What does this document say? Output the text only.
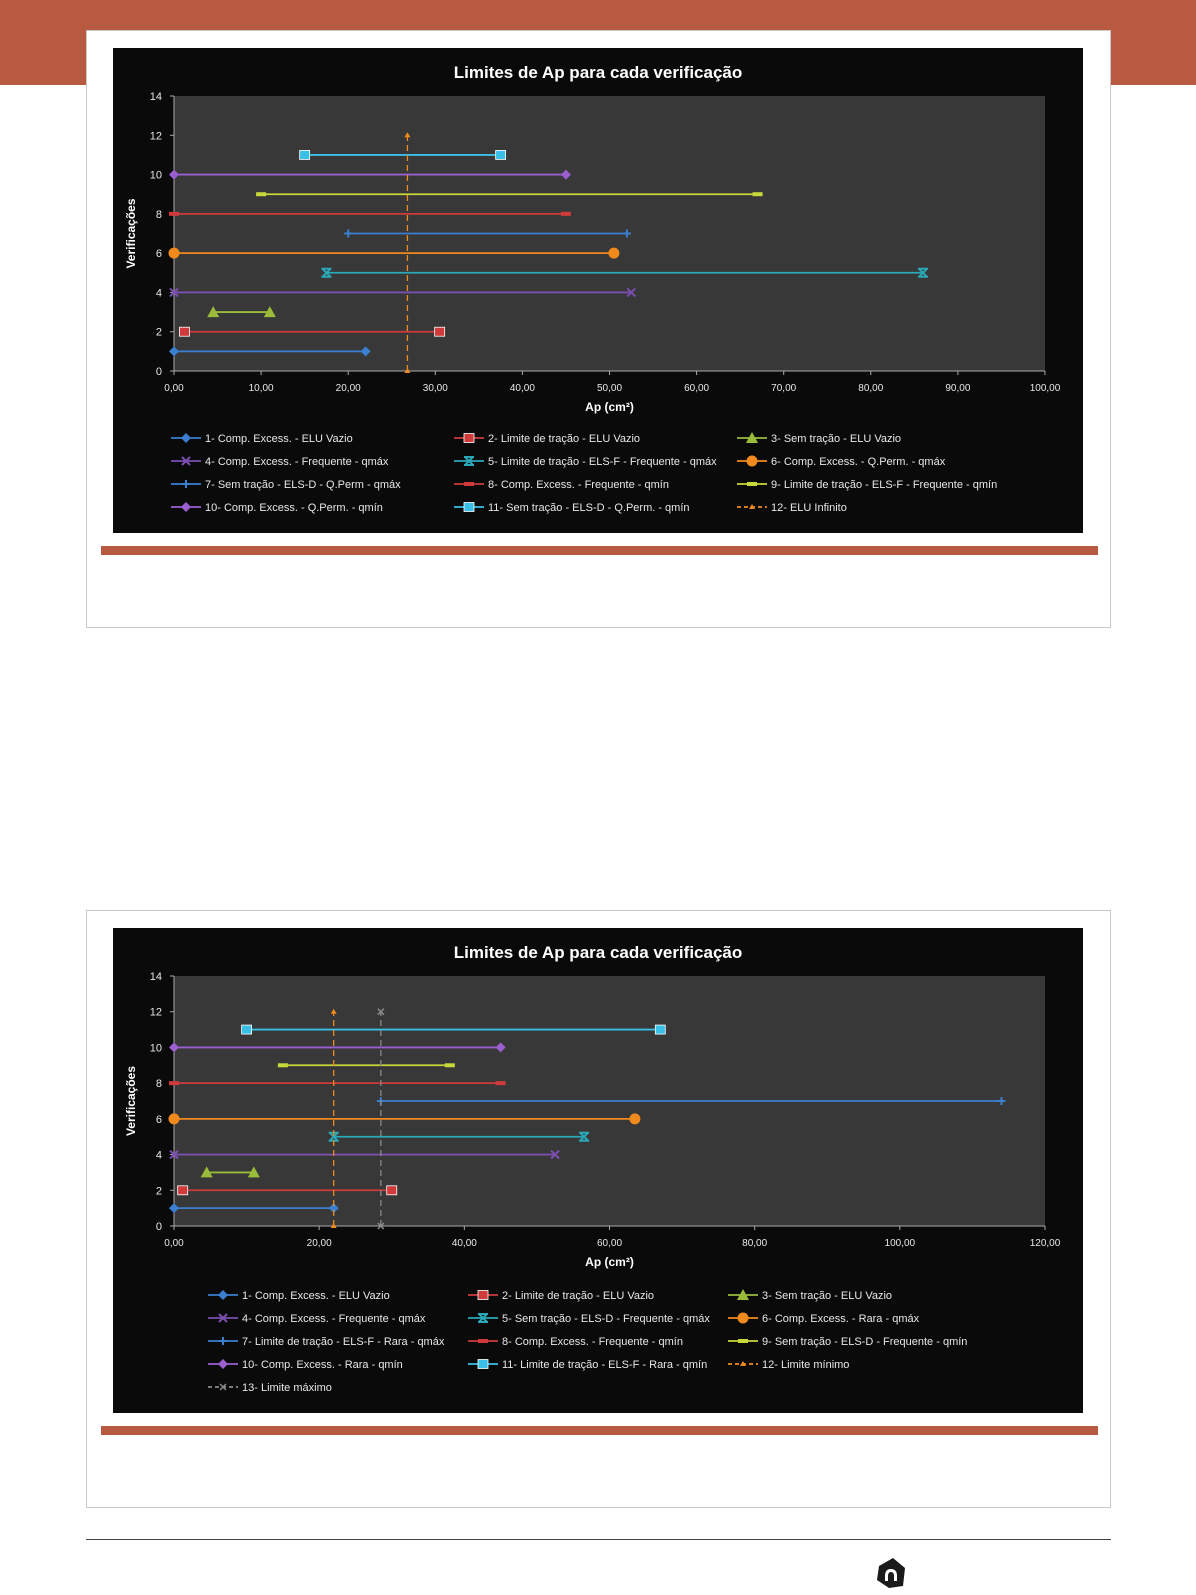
Limites de Ap para cada verificação
0
2
4
6
8
10
12
14
0,00	10,00	20,00	30,00	40,00	50,00	60,00	70,00	80,00	90,00	100,00
Ap (cm²)
Verificações
1- Comp. Excess. - ELU Vazio	2- Limite de tração - ELU Vazio	3- Sem tração - ELU Vazio
4- Comp. Excess. - Frequente - qmáx	5- Limite de tração - ELS-F - Frequente - qmáx	6- Comp. Excess. - Q.Perm. - qmáx
7- Sem tração - ELS-D - Q.Perm - qmáx	8- Comp. Excess. - Frequente - qmín	9- Limite de tração - ELS-F - Frequente - qmín
10- Comp. Excess. - Q.Perm. - qmín	11- Sem tração - ELS-D - Q.Perm. - qmín	12- ELU Infinito
Limites de Ap para cada verificação
0
2
4
6
8
10
12
14
0,00	20,00	40,00	60,00	80,00	100,00	120,00
Ap (cm²)
Verificações
1- Comp. Excess. - ELU Vazio	2- Limite de tração - ELU Vazio	3- Sem tração - ELU Vazio
4- Comp. Excess. - Frequente - qmáx	5- Sem tração - ELS-D - Frequente - qmáx	6- Comp. Excess. - Rara - qmáx
7- Limite de tração - ELS-F - Rara - qmáx	8- Comp. Excess. - Frequente - qmín	9- Sem tração - ELS-D - Frequente - qmín
10- Comp. Excess. - Rara - qmín	11- Limite de tração - ELS-F - Rara - qmín	12- Limite mínimo
13- Limite máximo
